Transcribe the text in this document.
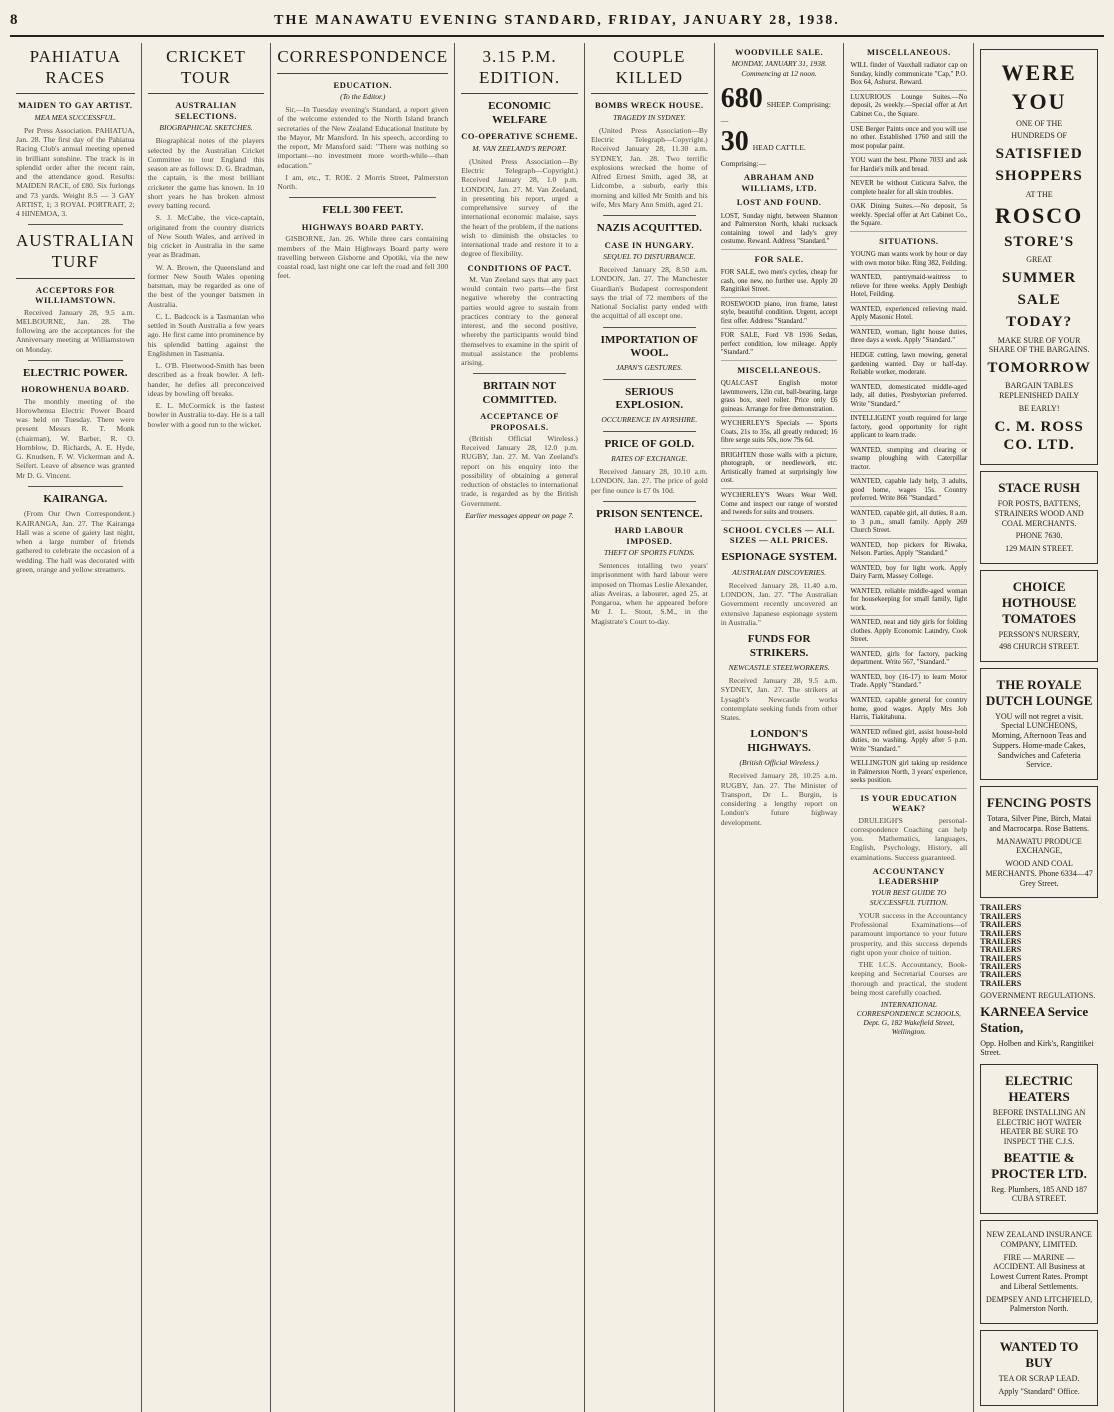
8	THE MANAWATU EVENING STANDARD, FRIDAY, JANUARY 28, 1938.
PAHIATUA RACES
MAIDEN TO GAY ARTIST.
MEA MEA SUCCESSFUL.

Per Press Association. PAHIATUA, Jan. 28. The first day of the Pahiatua Racing Club's annual meeting opened in brilliant sunshine. The track is in splendid order after the recent rain, and the attendance good. Results: MAIDEN RACE, of £80. Six furlongs and 73 yards. Weight 8.5 — 3 GAY ARTIST, 1; 3 ROYAL PORTRAIT, 2; 4 HINEMOA, 3.

AUSTRALIAN TURF
ACCEPTORS FOR WILLIAMSTOWN.

Received January 28, 9.5 a.m. MELBOURNE, Jan. 28. The following are the acceptances for the Anniversary meeting at Williamstown on Monday.

ELECTRIC POWER.
HOROWHENUA BOARD.

The monthly meeting of the Horowhenua Electric Power Board was held on Tuesday. There were present Messrs R. T. Monk (chairman), W. Barber, R. O. Hornblow, D. Richards, A. E. Hyde, G. Knudsen, F. W. Vickerman and A. Seifert. Leave of absence was granted Mr D. G. Vincent.

KAIRANGA.

(From Our Own Correspondent.) KAIRANGA, Jan. 27. The Kairanga Hall was a scene of gaiety last night, when a large number of friends gathered to celebrate the occasion of a wedding. The hall was decorated with green, orange and yellow streamers.

CRICKET TOUR
AUSTRALIAN SELECTIONS.
BIOGRAPHICAL SKETCHES.

Biographical notes of the players selected by the Australian Cricket Committee to tour England this season are as follows: D. G. Bradman, the captain, is the most brilliant cricketer the game has known. In 10 short years he has broken almost every batting record.

S. J. McCabe, the vice-captain, originated from the country districts of New South Wales, and arrived in big cricket in Australia in the same year as Bradman.

W. A. Brown, the Queensland and former New South Wales opening batsman, may be regarded as one of the best of the younger batsmen in Australia.

C. L. Badcock is a Tasmanian who settled in South Australia a few years ago. He first came into prominence by his splendid batting against the Englishmen in Tasmania.

L. O'B. Fleetwood-Smith has been described as a freak bowler. A left-hander, he defies all preconceived ideas by bowling off breaks.

E. L. McCormick is the fastest bowler in Australia to-day. He is a tall bowler with a good run to the wicket.

CORRESPONDENCE
EDUCATION.
(To the Editor.)

Sir,—In Tuesday evening's Standard, a report given of the welcome extended to the North Island branch secretaries of the New Zealand Educational Institute by the Mayor, Mr Mansford. In his speech, according to the report, Mr Mansford said: "There was nothing so important—no investment more worth-while—than education."

I am, etc., T. ROE. 2 Morris Street, Palmerston North.

FELL 300 FEET.
HIGHWAYS BOARD PARTY.

GISBORNE, Jan. 26. While three cars containing members of the Main Highways Board party were travelling between Gisborne and Opotiki, via the new coastal road, last night one car left the road and fell 300 feet.

3.15 P.M. EDITION.
ECONOMIC WELFARE
CO-OPERATIVE SCHEME.
M. VAN ZEELAND'S REPORT.

(United Press Association—By Electric Telegraph—Copyright.) Received January 28, 1.0 p.m. LONDON, Jan. 27. M. Van Zeeland, in presenting his report, urged a comprehensive survey of the international economic malaise, says the heart of the problem, if the nations wish to diminish the obstacles to international trade and restore it to a degree of flexibility.

CONDITIONS OF PACT.

M. Van Zeeland says that any pact would contain two parts—the first negative whereby the contracting parties would agree to sustain from practices contrary to the general interest, and the second positive, whereby the participants would bind themselves to examine in the spirit of mutual assistance the problems arising.

BRITAIN NOT COMMITTED.
ACCEPTANCE OF PROPOSALS.

(British Official Wireless.) Received January 28, 12.0 p.m. RUGBY, Jan. 27. M. Van Zeeland's report on his enquiry into the possibility of obtaining a general reduction of obstacles to international trade, is regarded as by the British Government.

Earlier messages appear on page 7.
COUPLE KILLED
BOMBS WRECK HOUSE.
TRAGEDY IN SYDNEY.

(United Press Association—By Electric Telegraph—Copyright.) Received January 28, 11.30 a.m. SYDNEY, Jan. 28. Two terrific explosions wrecked the home of Alfred Ernest Smith, aged 38, at Lidcombe, a suburb, early this morning and killed Mr Smith and his wife, Mrs Mary Ann Smith, aged 21.

NAZIS ACQUITTED.
CASE IN HUNGARY.
SEQUEL TO DISTURBANCE.

Received January 28, 8.50 a.m. LONDON, Jan. 27. The Manchester Guardian's Budapest correspondent says the trial of 72 members of the National Socialist party ended with the acquittal of all except one.

IMPORTATION OF WOOL.
JAPAN'S GESTURES.
SERIOUS EXPLOSION.
OCCURRENCE IN AYRSHIRE.
PRICE OF GOLD.
RATES OF EXCHANGE.

Received January 28, 10.10 a.m. LONDON, Jan. 27. The price of gold per fine ounce is £7 0s 10d.

PRISON SENTENCE.
HARD LABOUR IMPOSED.
THEFT OF SPORTS FUNDS.

Sentences totalling two years' imprisonment with hard labour were imposed on Thomas Leslie Alexander, alias Aveiras, a labourer, aged 25, at Pongaroa, when he appeared before Mr J. L. Stout, S.M., in the Magistrate's Court to-day.

WOODVILLE SALE.
MONDAY, JANUARY 31, 1938. Commencing at 12 noon.
680 SHEEP. Comprising:—
30 HEAD CATTLE. Comprising:—
ABRAHAM AND WILLIAMS, LTD.
LOST AND FOUND.

LOST, Sunday night, between Shannon and Palmerston North, khaki rucksack containing towel and lady's grey costume. Reward. Address "Standard."

FOR SALE.

FOR SALE, two men's cycles, cheap for cash, one new, no further use. Apply 20 Rangitikei Street.

ROSEWOOD piano, iron frame, latest style, beautiful condition. Urgent, accept first offer. Address "Standard."

FOR SALE, Ford V8 1936 Sedan, perfect condition, low mileage. Apply "Standard."

MISCELLANEOUS.

QUALCAST English motor lawnmowers, 12in cut, ball-bearing, large grass box, steel roller. Price only £6 guineas. Arrange for free demonstration.

WYCHERLEY'S Specials — Sports Coats, 21s to 35s, all greatly reduced; 16 fibre serge suits 50s, now 79s 6d.

BRIGHTEN those walls with a picture, photograph, or needlework, etc. Artistically framed at surprisingly low cost.

WYCHERLEY'S Wears Wear Well. Come and inspect our range of worsted and tweeds for suits and trousers.

SCHOOL CYCLES — ALL SIZES — ALL PRICES.
ESPIONAGE SYSTEM.
AUSTRALIAN DISCOVERIES.

Received January 28, 11.40 a.m. LONDON, Jan. 27. "The Australian Government recently uncovered an extensive Japanese espionage system in Australia."

FUNDS FOR STRIKERS.
NEWCASTLE STEELWORKERS.

Received January 28, 9.5 a.m. SYDNEY, Jan. 27. The strikers at Lysaght's Newcastle works contemplate seeking funds from other States.

LONDON'S HIGHWAYS.
(British Official Wireless.)

Received January 28, 10.25 a.m. RUGBY, Jan. 27. The Minister of Transport, Dr L. Burgin, is considering a lengthy report on London's future highway development.

MISCELLANEOUS.

WILL finder of Vauxhall radiator cap on Sunday, kindly communicate "Cap," P.O. Box 64, Ashurst. Reward.

LUXURIOUS Lounge Suites.—No deposit, 2s weekly.—Special offer at Art Cabinet Co., the Square.

USE Berger Paints once and you will use no other. Established 1760 and still the most popular paint.

YOU want the best. Phone 7033 and ask for Hardie's milk and bread.

NEVER be without Cuticura Salve, the complete healer for all skin troubles.

OAK Dining Suites.—No deposit, 5s weekly. Special offer at Art Cabinet Co., the Square.

SITUATIONS.

YOUNG man wants work by hour or day with own motor bike. Ring 382, Feilding.

WANTED, pantrymaid-waitress to relieve for three weeks. Apply Denbigh Hotel, Feilding.

WANTED, experienced relieving maid. Apply Masonic Hotel.

WANTED, woman, light house duties, three days a week. Apply "Standard."

HEDGE cutting, lawn mowing, general gardening wanted. Day or half-day. Reliable worker, moderate.

WANTED, domesticated middle-aged lady, all duties, Presbyterian preferred. Write "Standard."

INTELLIGENT youth required for large factory, good opportunity for right applicant to learn trade.

WANTED, stumping and clearing or swamp ploughing with Caterpillar tractor.

WANTED, capable lady help, 3 adults, good home, wages 15s. Country preferred. Write 866 "Standard."

WANTED, capable girl, all duties, 8 a.m. to 3 p.m., small family. Apply 269 Church Street.

WANTED, hop pickers for Riwaka, Nelson. Parties. Apply "Standard."

WANTED, boy for light work. Apply Dairy Farm, Massey College.

WANTED, reliable middle-aged woman for housekeeping for small family, light work.

WANTED, neat and tidy girls for folding clothes. Apply Economic Laundry, Cook Street.

WANTED, girls for factory, packing department. Write 567, "Standard."

WANTED, boy (16-17) to learn Motor Trade. Apply "Standard."

WANTED, capable general for country home, good wages. Apply Mrs Job Harris, Tiakitahuna.

WANTED refined girl, assist house-hold duties, no washing. Apply after 5 p.m. Write "Standard."

WELLINGTON girl taking up residence in Palmerston North, 3 years' experience, seeks position.

IS YOUR EDUCATION WEAK?

DRULEIGH'S personal-correspondence Coaching can help you. Mathematics, languages, English, Psychology, History, all examinations. Success guaranteed.

ACCOUNTANCY LEADERSHIP
YOUR BEST GUIDE TO SUCCESSFUL TUITION.

YOUR success in the Accountancy Professional Examinations—of paramount importance to your future prosperity, and this success depends right upon your choice of tuition.

THE I.C.S. Accountancy, Book-keeping and Secretarial Courses are thorough and practical, the student being most carefully coached.

INTERNATIONAL CORRESPONDENCE SCHOOLS, Dept. G, 182 Wakefield Street, Wellington.
WERE
YOU
ONE OF THE
HUNDREDS OF
SATISFIED
SHOPPERS
AT THE
ROSCO
STORE'S
GREAT
SUMMER
SALE
TODAY?
MAKE SURE OF YOUR SHARE OF THE BARGAINS.
TOMORROW
BARGAIN TABLES REPLENISHED DAILY
BE EARLY!
C. M. ROSS CO. LTD.
STACE RUSH
FOR POSTS, BATTENS, STRAINERS WOOD AND COAL MERCHANTS.
PHONE 7630.
129 MAIN STREET.
CHOICE HOTHOUSE TOMATOES
PERSSON'S NURSERY,
498 CHURCH STREET.
THE ROYALE DUTCH LOUNGE
YOU will not regret a visit. Special LUNCHEONS, Morning, Afternoon Teas and Suppers. Home-made Cakes, Sandwiches and Cafeteria Service.
FENCING POSTS
Totara, Silver Pine, Birch, Matai and Macrocarpa. Rose Battens.
MANAWATU PRODUCE EXCHANGE,
WOOD AND COAL MERCHANTS. Phone 6334—47 Grey Street.
TRAILERS
TRAILERS
TRAILERS
TRAILERS
TRAILERS
TRAILERS
TRAILERS
TRAILERS
TRAILERS
TRAILERS
GOVERNMENT REGULATIONS.
KARNEEA Service Station,
Opp. Holben and Kirk's, Rangitikei Street.
ELECTRIC HEATERS
BEFORE INSTALLING AN ELECTRIC HOT WATER HEATER BE SURE TO INSPECT THE C.J.S.
BEATTIE & PROCTER LTD.
Reg. Plumbers, 185 AND 187 CUBA STREET.
NEW ZEALAND INSURANCE COMPANY, LIMITED.
FIRE — MARINE — ACCIDENT. All Business at Lowest Current Rates. Prompt and Liberal Settlements.
DEMPSEY AND LITCHFIELD, Palmerston North.
WANTED TO BUY
TEA OR SCRAP LEAD.
Apply "Standard" Office.
